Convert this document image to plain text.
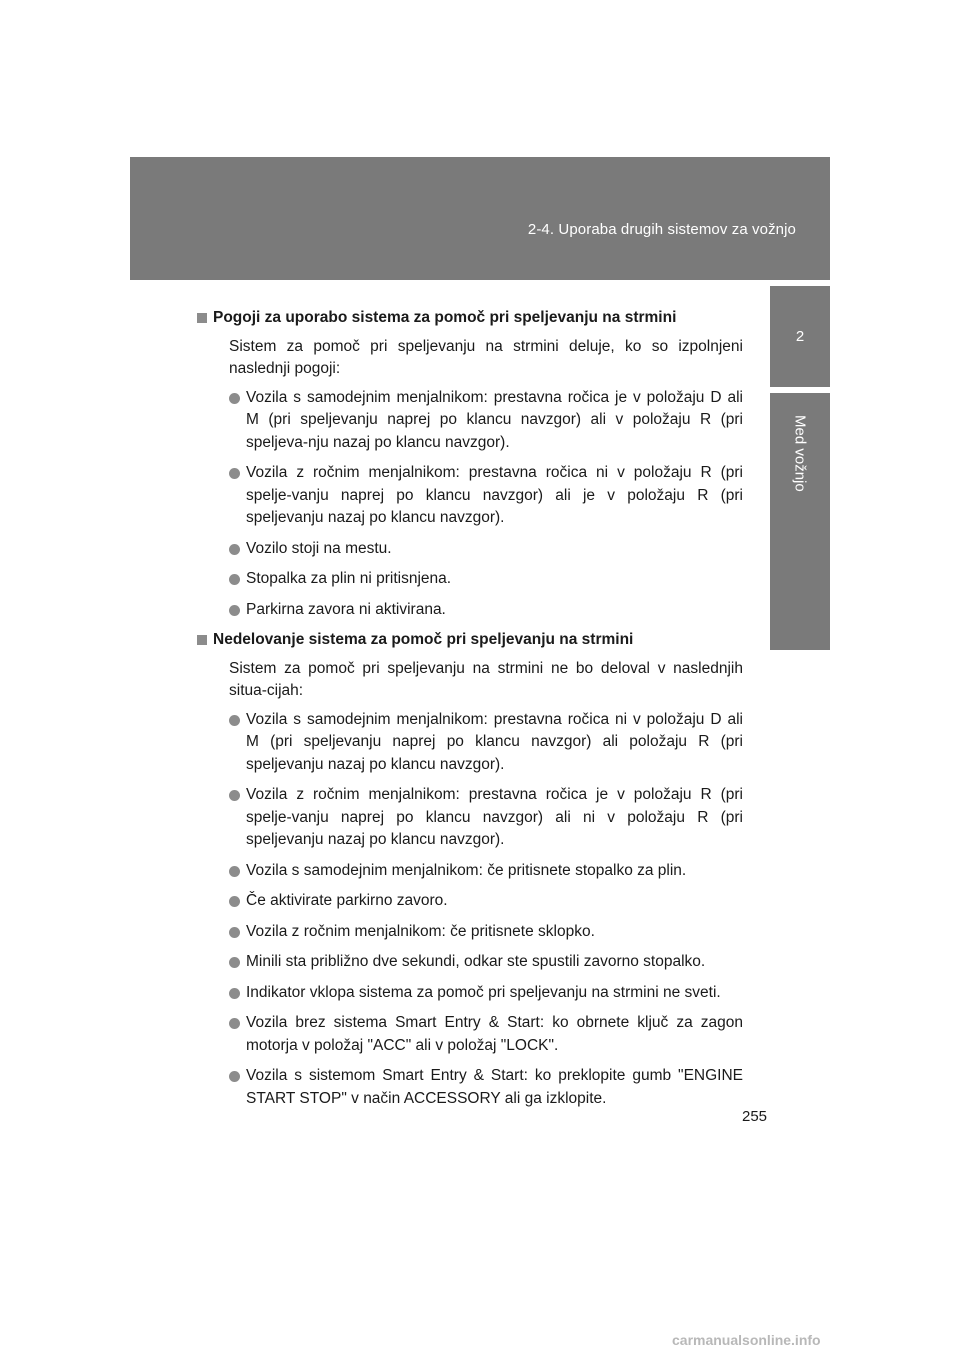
2-4. Uporaba drugih sistemov za vožnjo
2
Med vožnjo
Pogoji za uporabo sistema za pomoč pri speljevanju na strmini
Sistem za pomoč pri speljevanju na strmini deluje, ko so izpolnjeni naslednji pogoji:
Vozila s samodejnim menjalnikom: prestavna ročica je v položaju D ali M (pri speljevanju naprej po klancu navzgor) ali v položaju R (pri speljeva-nju nazaj po klancu navzgor).
Vozila z ročnim menjalnikom: prestavna ročica ni v položaju R (pri spelje-vanju naprej po klancu navzgor) ali je v položaju R (pri speljevanju nazaj po klancu navzgor).
Vozilo stoji na mestu.
Stopalka za plin ni pritisnjena.
Parkirna zavora ni aktivirana.
Nedelovanje sistema za pomoč pri speljevanju na strmini
Sistem za pomoč pri speljevanju na strmini ne bo deloval v naslednjih situa-cijah:
Vozila s samodejnim menjalnikom: prestavna ročica ni v položaju D ali M (pri speljevanju naprej po klancu navzgor) ali položaju R (pri speljevanju nazaj po klancu navzgor).
Vozila z ročnim menjalnikom: prestavna ročica je v položaju R (pri spelje-vanju naprej po klancu navzgor) ali ni v položaju R (pri speljevanju nazaj po klancu navzgor).
Vozila s samodejnim menjalnikom: če pritisnete stopalko za plin.
Če aktivirate parkirno zavoro.
Vozila z ročnim menjalnikom: če pritisnete sklopko.
Minili sta približno dve sekundi, odkar ste spustili zavorno stopalko.
Indikator vklopa sistema za pomoč pri speljevanju na strmini ne sveti.
Vozila brez sistema Smart Entry & Start: ko obrnete ključ za zagon motorja v položaj "ACC" ali v položaj "LOCK".
Vozila s sistemom Smart Entry & Start: ko preklopite gumb "ENGINE START STOP" v način ACCESSORY ali ga izklopite.
255
carmanualsonline.info
